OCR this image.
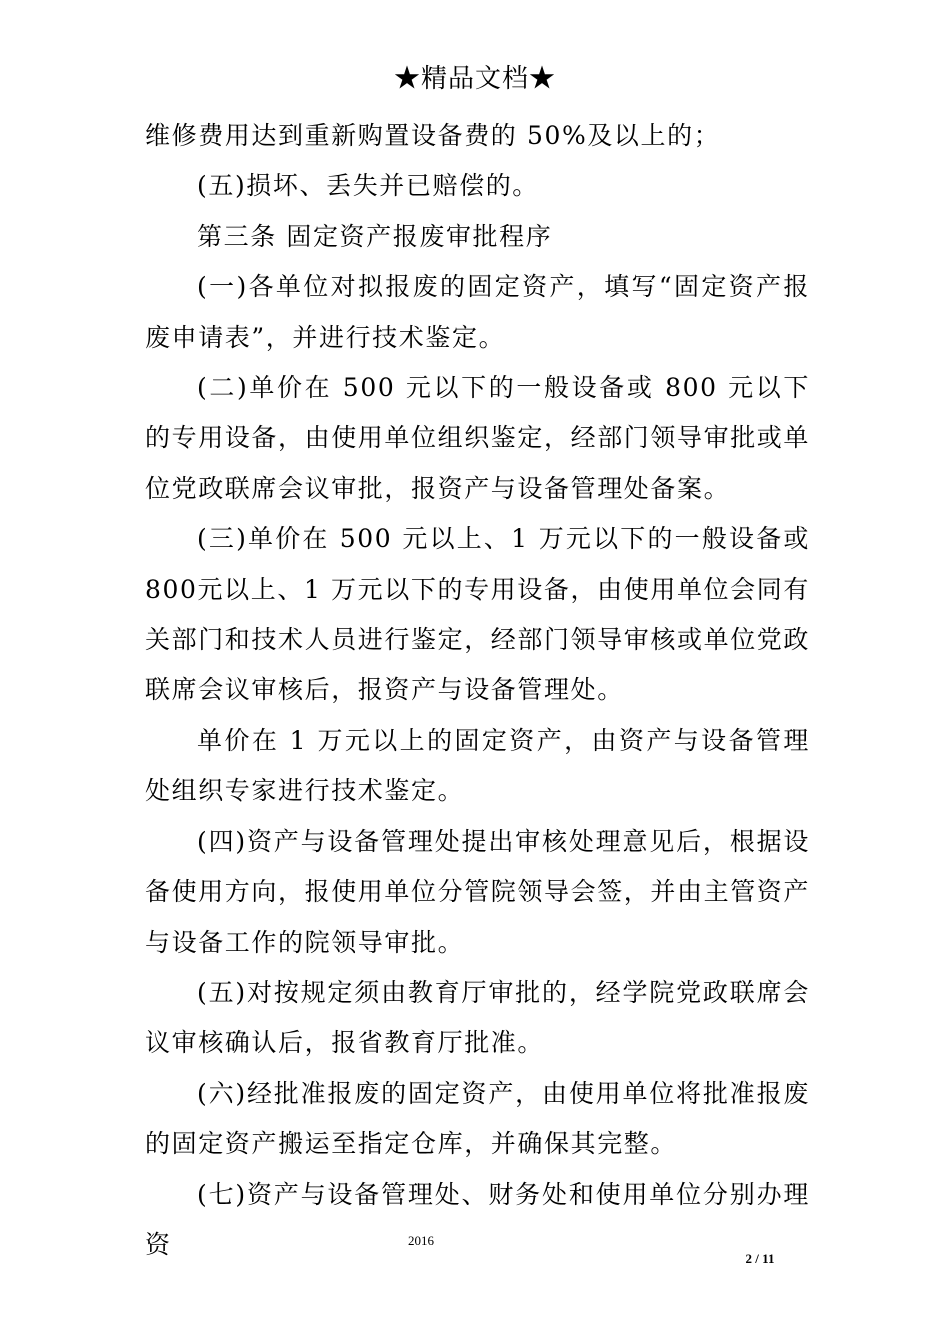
★精品文档★

维修费用达到重新购置设备费的 50%及以上的；

(五)损坏、丢失并已赔偿的。

第三条 固定资产报废审批程序

(一)各单位对拟报废的固定资产，填写“固定资产报废申请表”，并进行技术鉴定。

(二)单价在 500 元以下的一般设备或 800 元以下的专用设备，由使用单位组织鉴定，经部门领导审批或单位党政联席会议审批，报资产与设备管理处备案。

(三)单价在 500 元以上、1 万元以下的一般设备或 800元以上、1 万元以下的专用设备，由使用单位会同有关部门和技术人员进行鉴定，经部门领导审核或单位党政联席会议审核后，报资产与设备管理处。

单价在 1 万元以上的固定资产，由资产与设备管理处组织专家进行技术鉴定。

(四)资产与设备管理处提出审核处理意见后，根据设备使用方向，报使用单位分管院领导会签，并由主管资产与设备工作的院领导审批。

(五)对按规定须由教育厅审批的，经学院党政联席会议审核确认后，报省教育厅批准。

(六)经批准报废的固定资产，由使用单位将批准报废的固定资产搬运至指定仓库，并确保其完整。

(七)资产与设备管理处、财务处和使用单位分别办理资	2016
2 / 11
